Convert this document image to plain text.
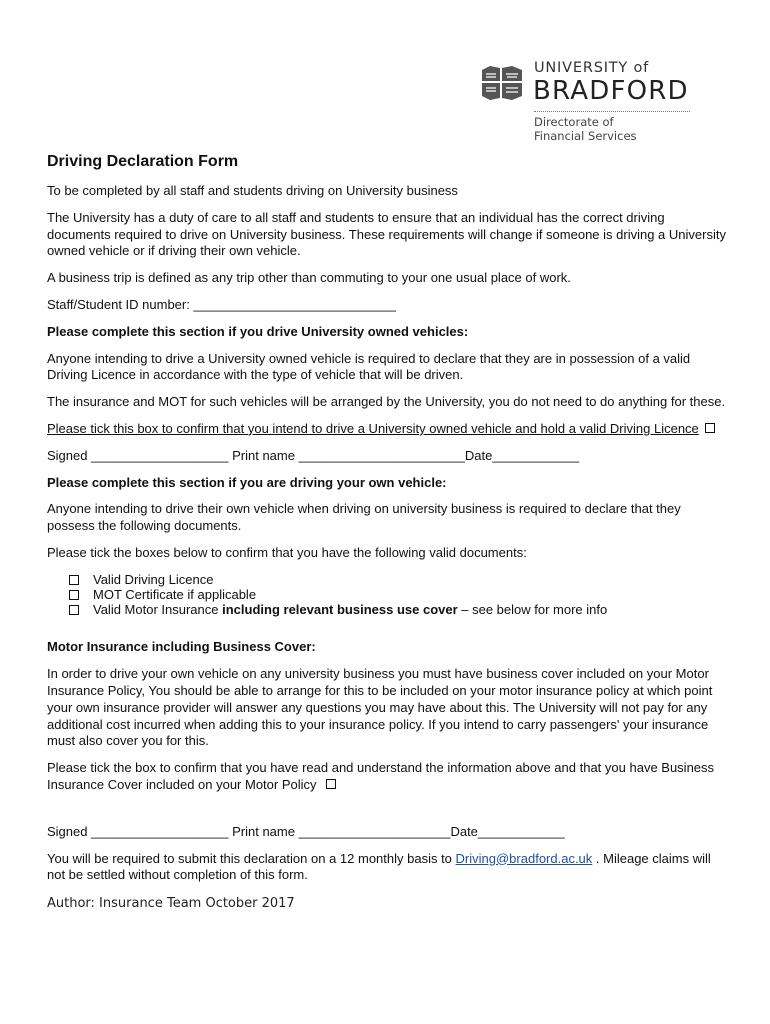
UNIVERSITY of
BRADFORD
Directorate of
Financial Services
Driving Declaration Form

To be completed by all staff and students driving on University business

The University has a duty of care to all staff and students to ensure that an individual has the correct driving documents required to drive on University business. These requirements will change if someone is driving a University owned vehicle or if driving their own vehicle.

A business trip is defined as any trip other than commuting to your one usual place of work.

Staff/Student ID number: ____________________________

Please complete this section if you drive University owned vehicles:

Anyone intending to drive a University owned vehicle is required to declare that they are in possession of a valid Driving Licence in accordance with the type of vehicle that will be driven.

The insurance and MOT for such vehicles will be arranged by the University, you do not need to do anything for these.

Please tick this box to confirm that you intend to drive a University owned vehicle and hold a valid Driving Licence

Signed ___________________ Print name _______________________Date____________

Please complete this section if you are driving your own vehicle:

Anyone intending to drive their own vehicle when driving on university business is required to declare that they possess the following documents.

Please tick the boxes below to confirm that you have the following valid documents:

Valid Driving Licence
MOT Certificate if applicable
Valid Motor Insurance including relevant business use cover – see below for more info

Motor Insurance including Business Cover:

In order to drive your own vehicle on any university business you must have business cover included on your Motor Insurance Policy, You should be able to arrange for this to be included on your motor insurance policy at which point your own insurance provider will answer any questions you may have about this. The University will not pay for any additional cost incurred when adding this to your insurance policy. If you intend to carry passengers' your insurance must also cover you for this.

Please tick the box to confirm that you have read and understand the information above and that you have Business Insurance Cover included on your Motor Policy

Signed ___________________ Print name _____________________Date____________

You will be required to submit this declaration on a 12 monthly basis to Driving@bradford.ac.uk . Mileage claims will not be settled without completion of this form.

Author: Insurance Team October 2017
